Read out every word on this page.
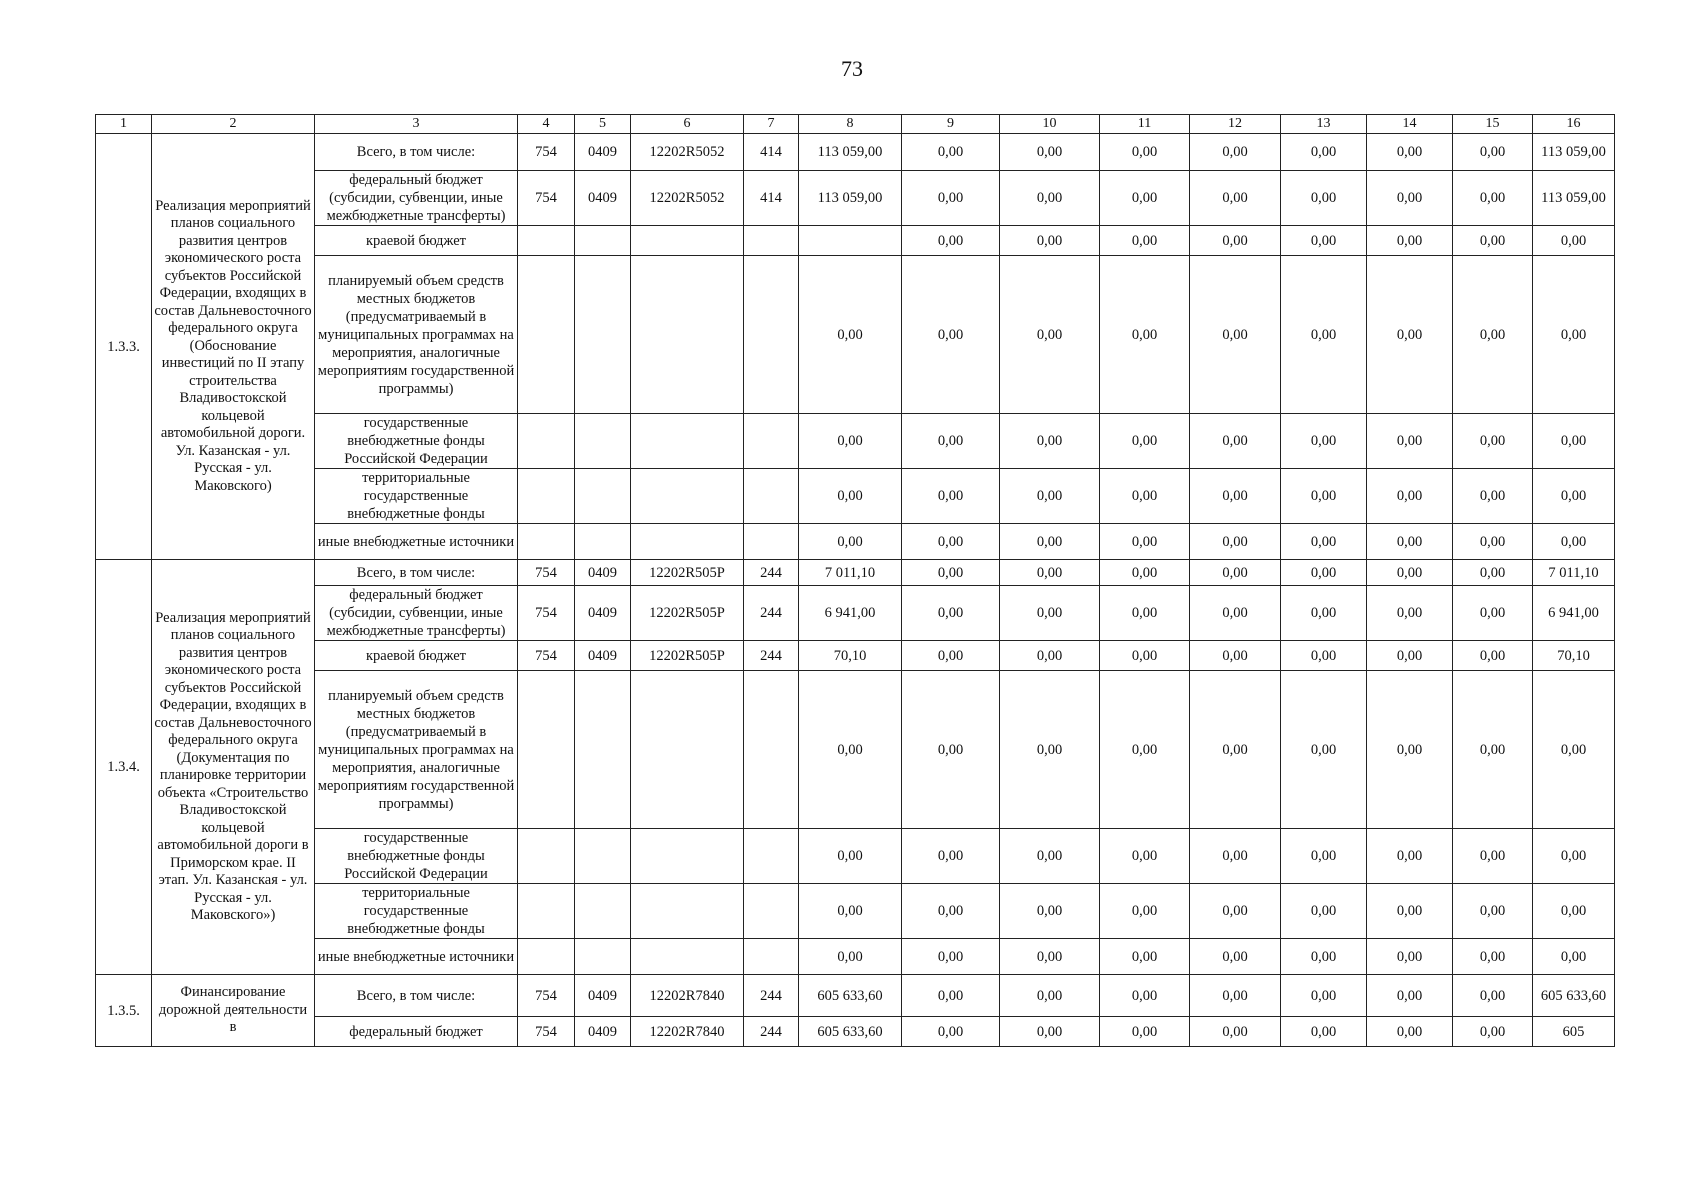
73
1	2	3	4	5	6	7	8	9	10	11	12	13	14	15	16
1.3.3.	Реализация мероприятий планов социального развития центров экономического роста субъектов Российской Федерации, входящих в состав Дальневосточного федерального округа (Обоснование инвестиций по II этапу строительства Владивостокской кольцевой автомобильной дороги. Ул. Казанская - ул. Русская - ул. Маковского)	Всего, в том числе:	754	0409	12202R5052	414	113 059,00	0,00	0,00	0,00	0,00	0,00	0,00	0,00	113 059,00
		федеральный бюджет (субсидии, субвенции, иные межбюджетные трансферты)	754	0409	12202R5052	414	113 059,00	0,00	0,00	0,00	0,00	0,00	0,00	0,00	113 059,00
		краевой бюджет						0,00	0,00	0,00	0,00	0,00	0,00	0,00	0,00
		планируемый объем средств местных бюджетов (предусматриваемый в муниципальных программах на мероприятия, аналогичные мероприятиям государственной программы)					0,00	0,00	0,00	0,00	0,00	0,00	0,00	0,00	0,00
		государственные внебюджетные фонды Российской Федерации					0,00	0,00	0,00	0,00	0,00	0,00	0,00	0,00	0,00
		территориальные государственные внебюджетные фонды					0,00	0,00	0,00	0,00	0,00	0,00	0,00	0,00	0,00
		иные внебюджетные источники					0,00	0,00	0,00	0,00	0,00	0,00	0,00	0,00	0,00
1.3.4.	Реализация мероприятий планов социального развития центров экономического роста субъектов Российской Федерации, входящих в состав Дальневосточного федерального округа (Документация по планировке территории объекта «Строительство Владивостокской кольцевой автомобильной дороги в Приморском крае. II этап. Ул. Казанская - ул. Русская - ул. Маковского»)	Всего, в том числе:	754	0409	12202R505P	244	7 011,10	0,00	0,00	0,00	0,00	0,00	0,00	0,00	7 011,10
		федеральный бюджет (субсидии, субвенции, иные межбюджетные трансферты)	754	0409	12202R505P	244	6 941,00	0,00	0,00	0,00	0,00	0,00	0,00	0,00	6 941,00
		краевой бюджет	754	0409	12202R505P	244	70,10	0,00	0,00	0,00	0,00	0,00	0,00	0,00	70,10
		планируемый объем средств местных бюджетов (предусматриваемый в муниципальных программах на мероприятия, аналогичные мероприятиям государственной программы)					0,00	0,00	0,00	0,00	0,00	0,00	0,00	0,00	0,00
		государственные внебюджетные фонды Российской Федерации					0,00	0,00	0,00	0,00	0,00	0,00	0,00	0,00	0,00
		территориальные государственные внебюджетные фонды					0,00	0,00	0,00	0,00	0,00	0,00	0,00	0,00	0,00
		иные внебюджетные источники					0,00	0,00	0,00	0,00	0,00	0,00	0,00	0,00	0,00
1.3.5.	Финансирование дорожной деятельности в	Всего, в том числе:	754	0409	12202R7840	244	605 633,60	0,00	0,00	0,00	0,00	0,00	0,00	0,00	605 633,60
		федеральный бюджет	754	0409	12202R7840	244	605 633,60	0,00	0,00	0,00	0,00	0,00	0,00	0,00	605
